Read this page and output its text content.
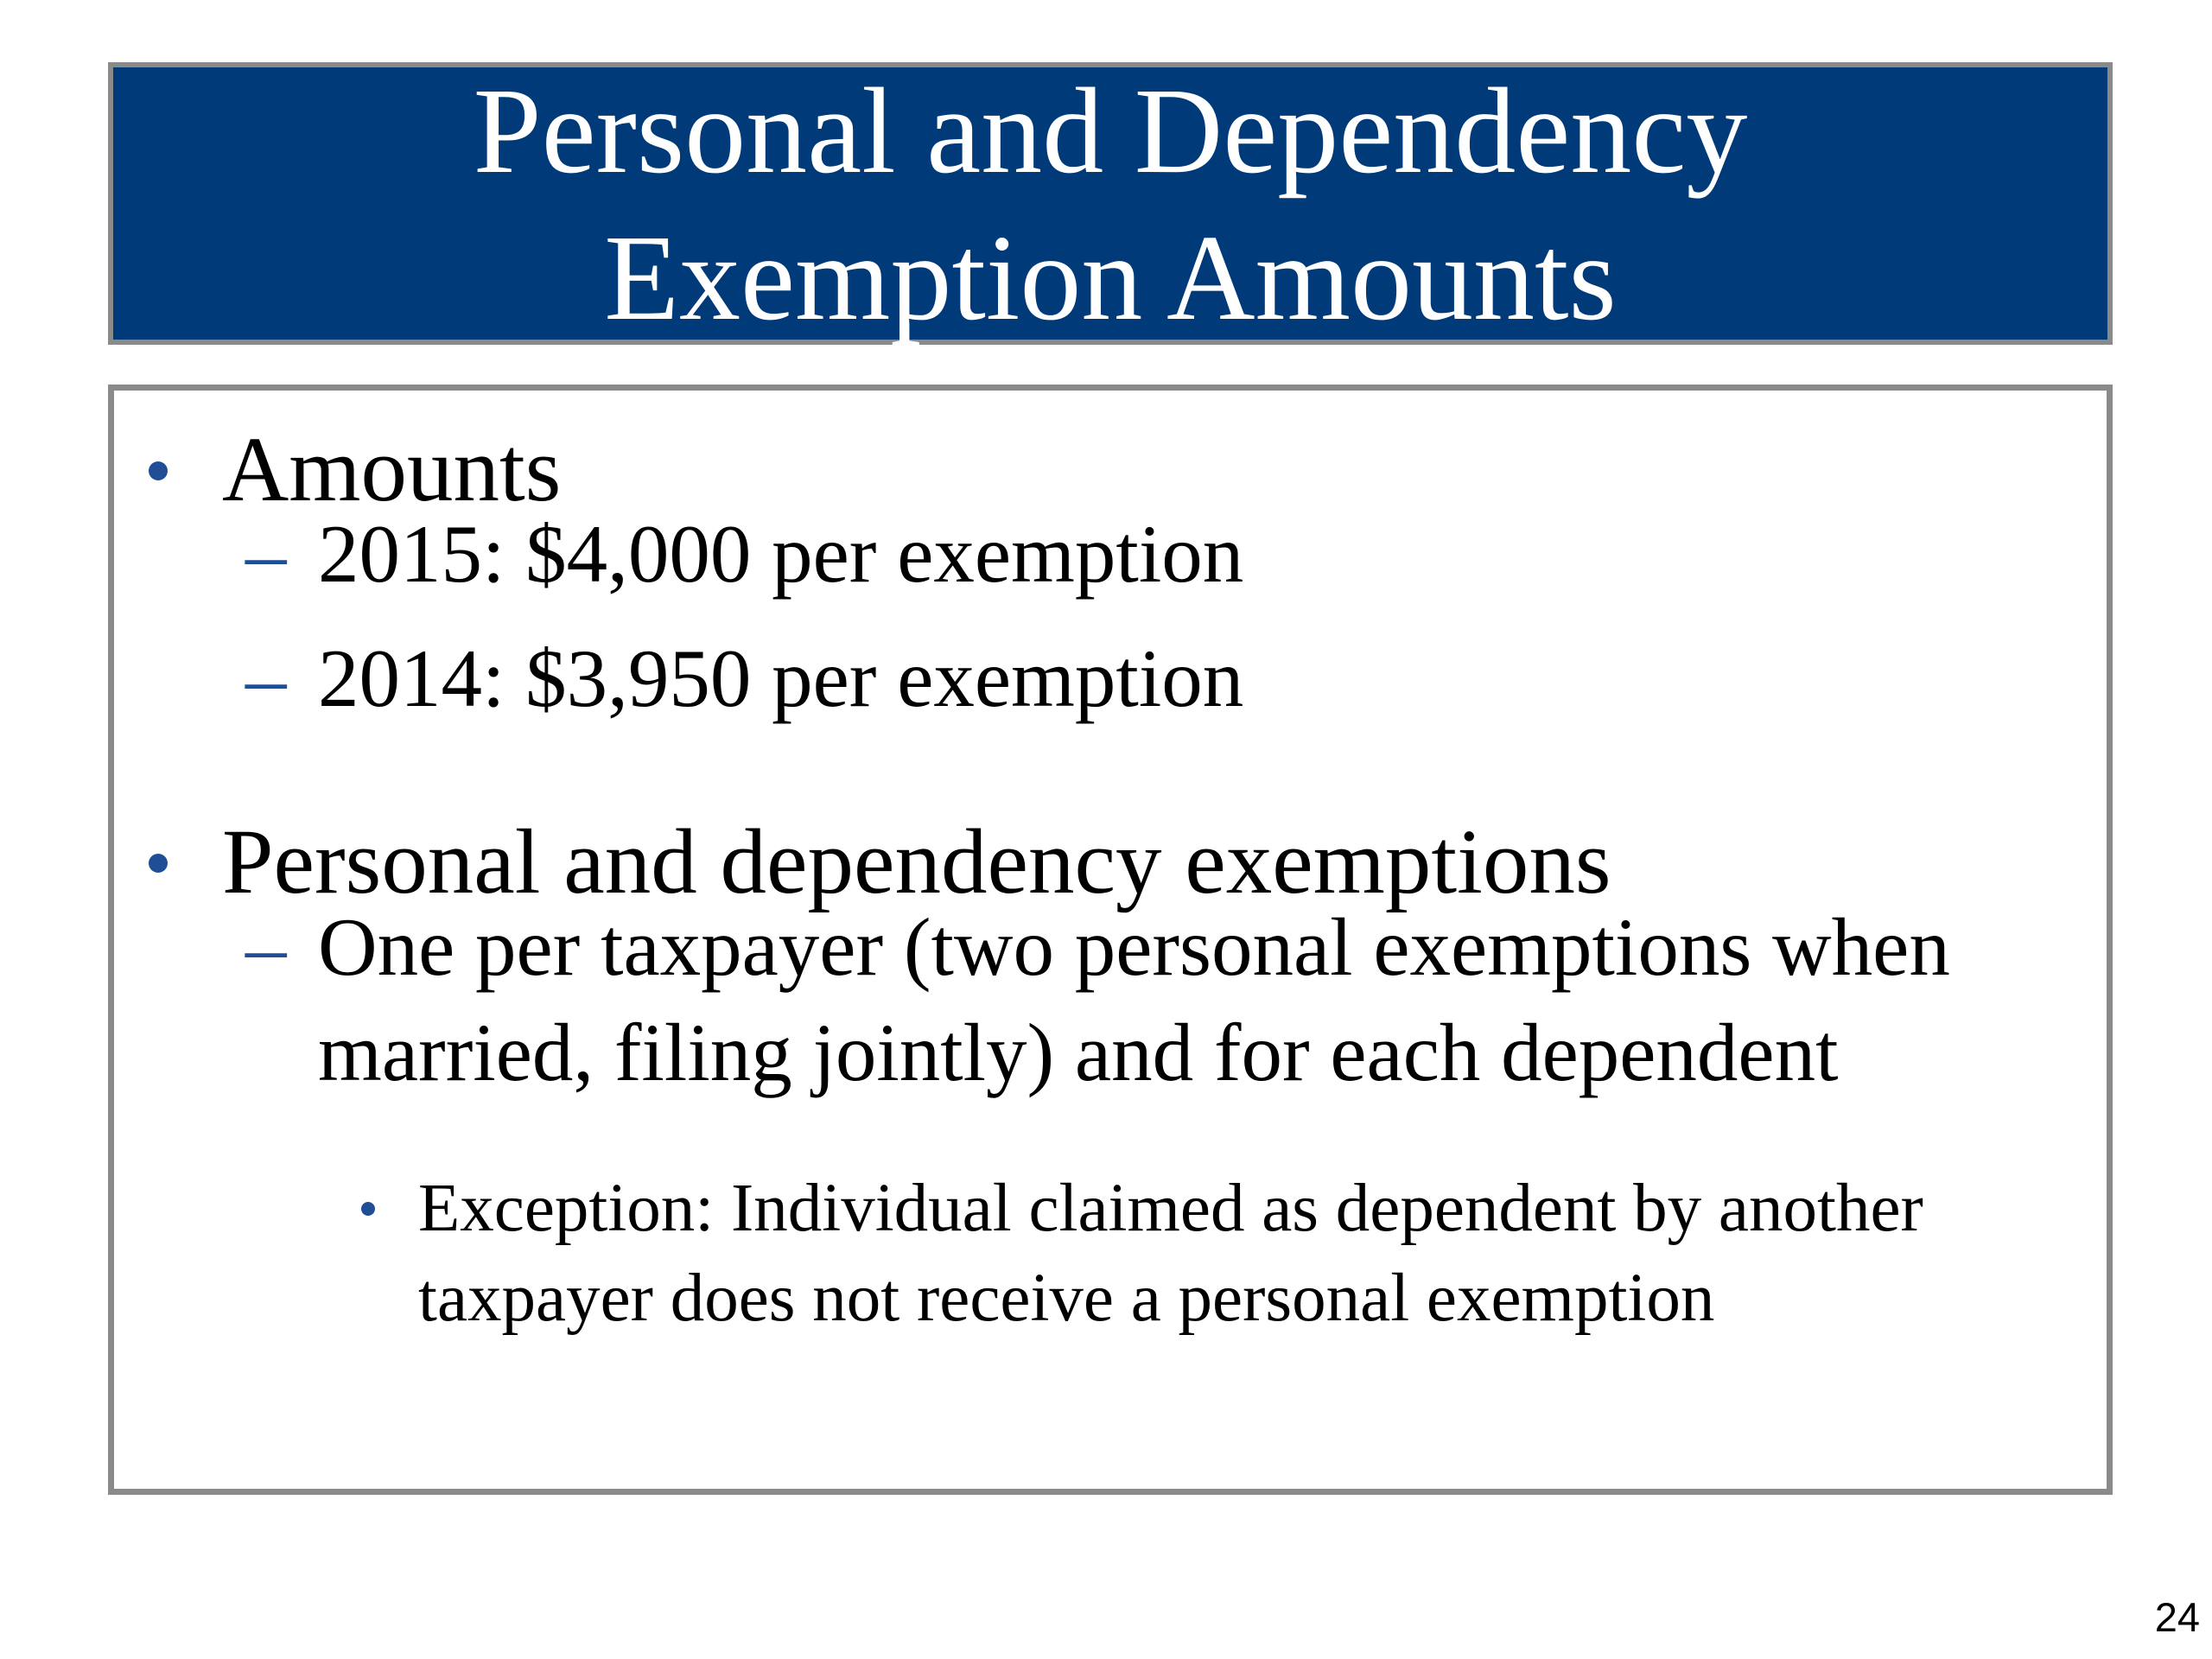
Personal and Dependency
Exemption Amounts
Amounts
– 2015: $4,000 per exemption
– 2014: $3,950 per exemption
Personal and dependency exemptions
– One per taxpayer (two personal exemptions when
married, filing jointly) and for each dependent
Exception: Individual claimed as dependent by another
taxpayer does not receive a personal exemption
24
